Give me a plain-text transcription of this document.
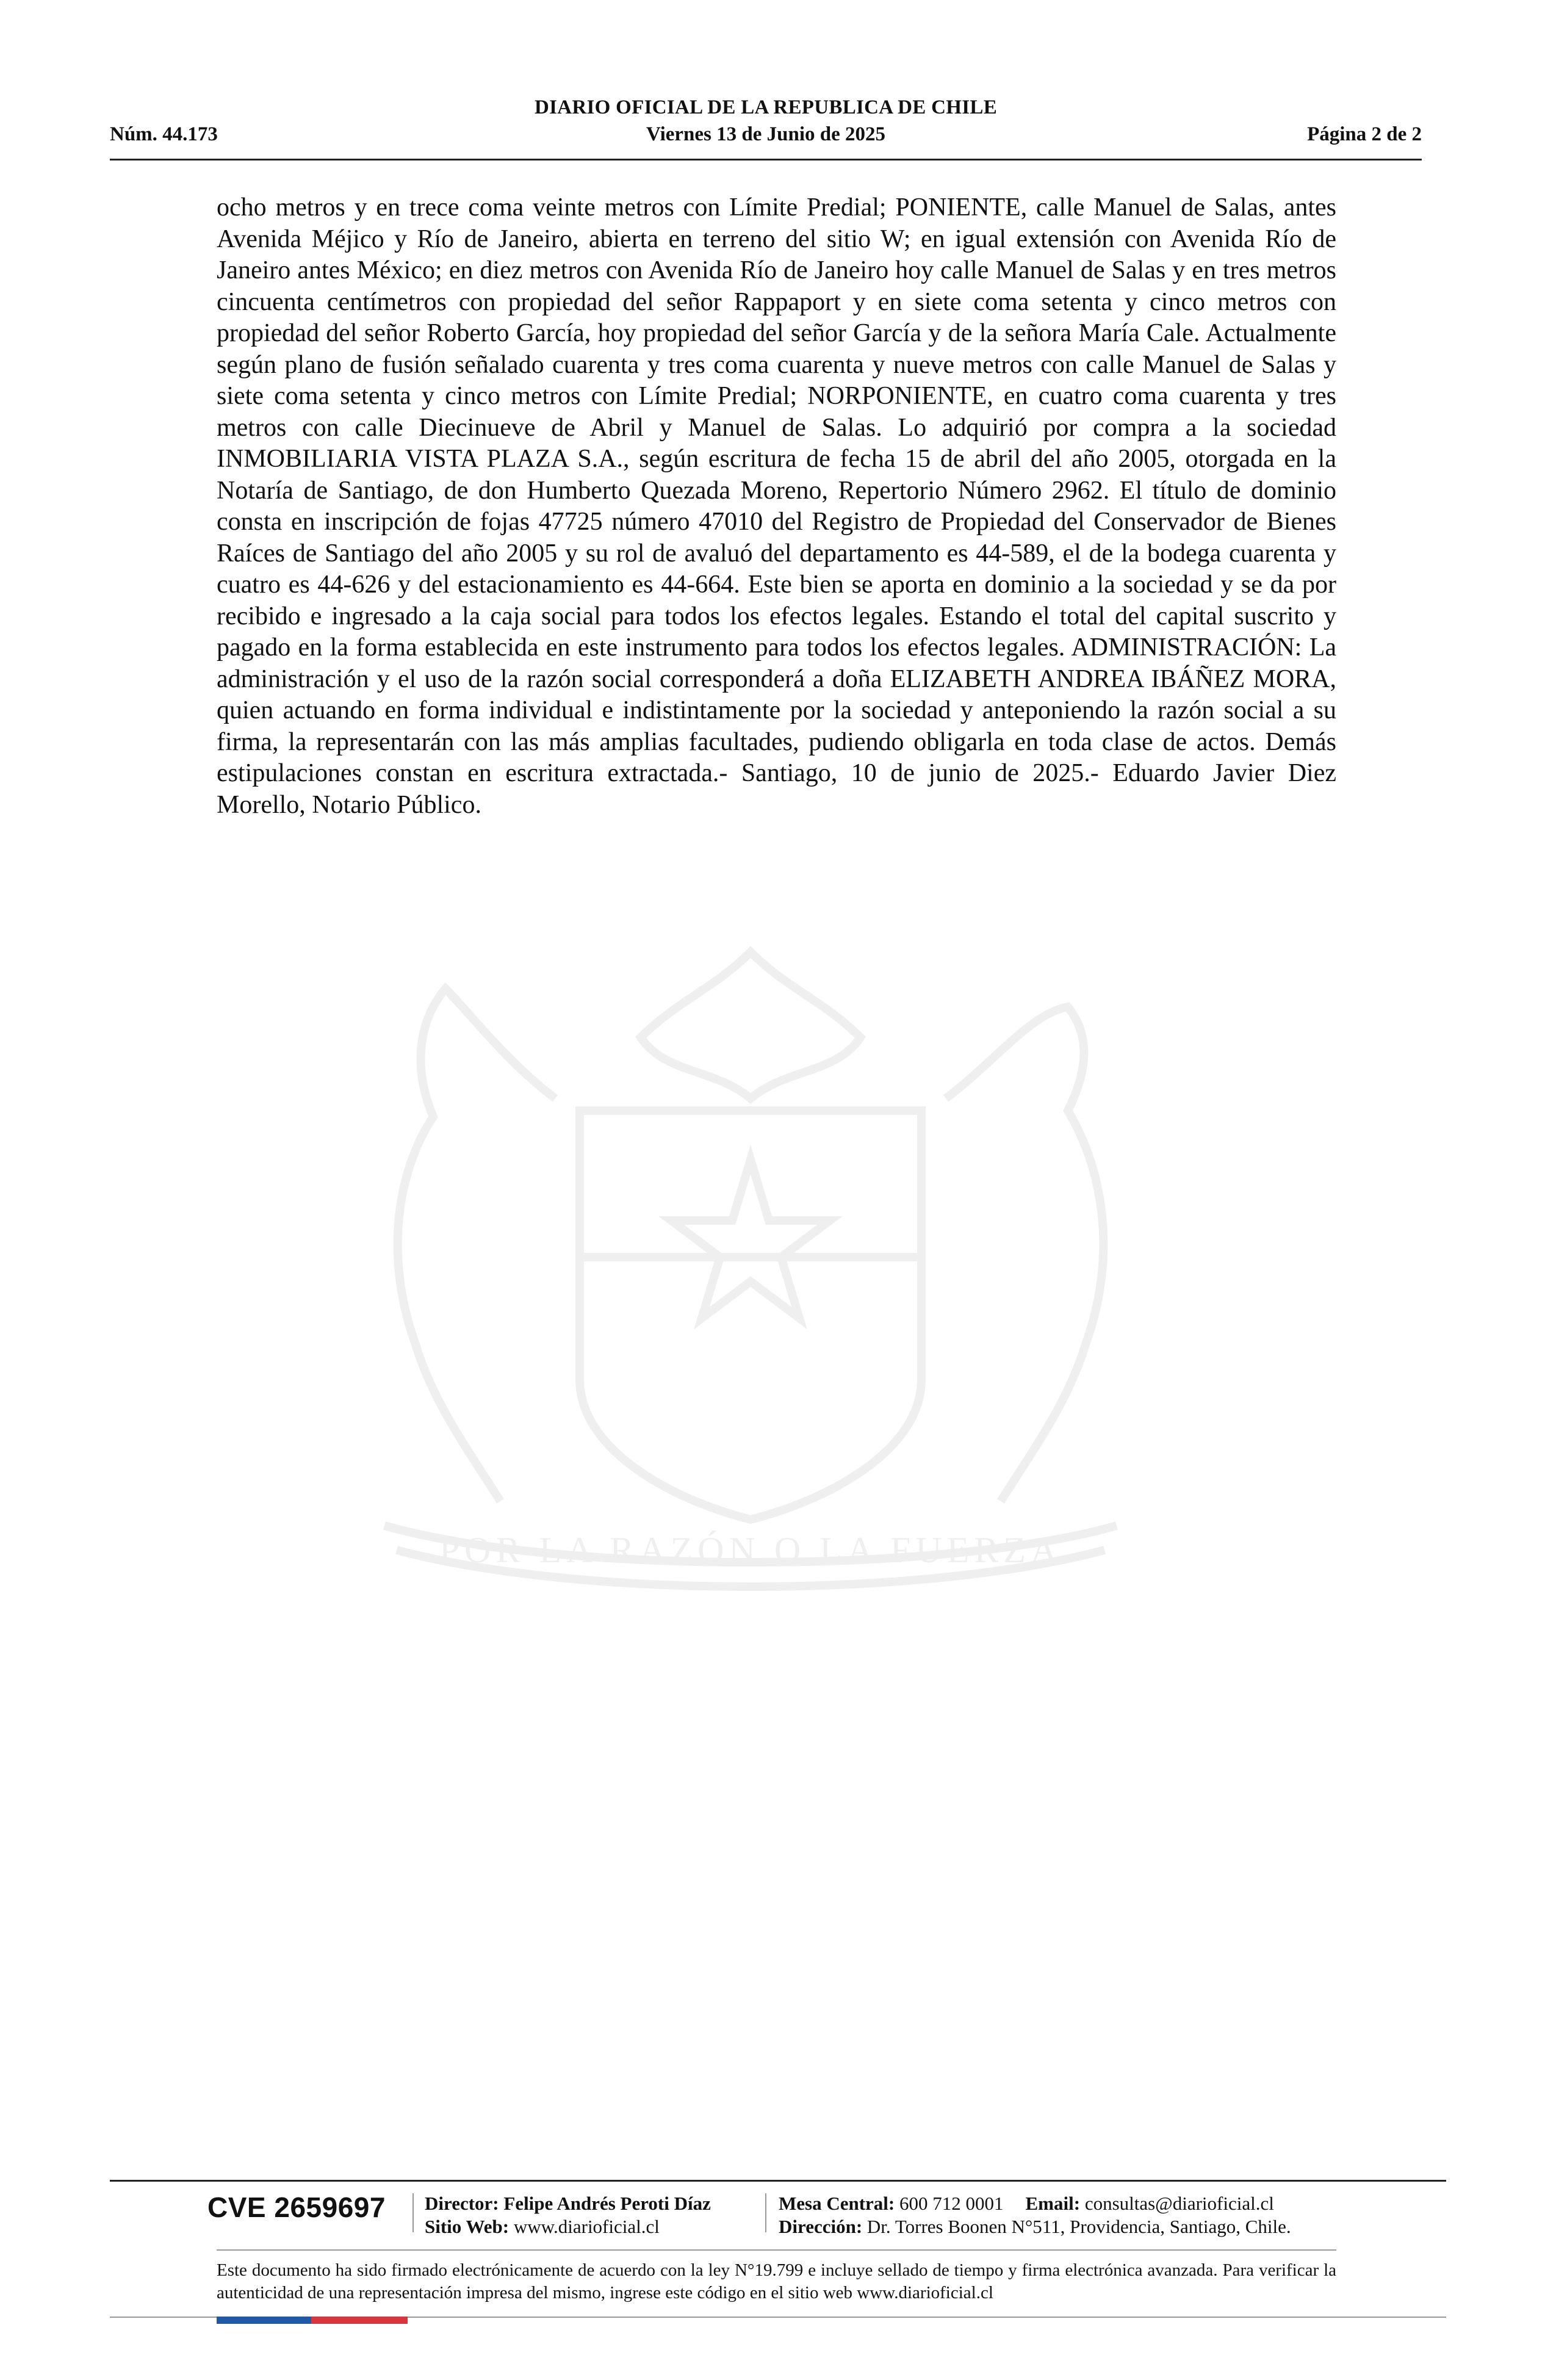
DIARIO OFICIAL DE LA REPUBLICA DE CHILE
Núm. 44.173	Viernes 13 de Junio de 2025	Página 2 de 2
POR LA RAZÓN O LA FUERZA
ocho metros y en trece coma veinte metros con Límite Predial; PONIENTE, calle Manuel de Salas, antes Avenida Méjico y Río de Janeiro, abierta en terreno del sitio W; en igual extensión con Avenida Río de Janeiro antes México; en diez metros con Avenida Río de Janeiro hoy calle Manuel de Salas y en tres metros cincuenta centímetros con propiedad del señor Rappaport y en siete coma setenta y cinco metros con propiedad del señor Roberto García, hoy propiedad del señor García y de la señora María Cale. Actualmente según plano de fusión señalado cuarenta y tres coma cuarenta y nueve metros con calle Manuel de Salas y siete coma setenta y cinco metros con Límite Predial; NORPONIENTE, en cuatro coma cuarenta y tres metros con calle Diecinueve de Abril y Manuel de Salas. Lo adquirió por compra a la sociedad INMOBILIARIA VISTA PLAZA S.A., según escritura de fecha 15 de abril del año 2005, otorgada en la Notaría de Santiago, de don Humberto Quezada Moreno, Repertorio Número 2962. El título de dominio consta en inscripción de fojas 47725 número 47010 del Registro de Propiedad del Conservador de Bienes Raíces de Santiago del año 2005 y su rol de avaluó del departamento es 44-589, el de la bodega cuarenta y cuatro es 44-626 y del estacionamiento es 44-664. Este bien se aporta en dominio a la sociedad y se da por recibido e ingresado a la caja social para todos los efectos legales. Estando el total del capital suscrito y pagado en la forma establecida en este instrumento para todos los efectos legales. ADMINISTRACIÓN: La administración y el uso de la razón social corresponderá a doña ELIZABETH ANDREA IBÁÑEZ MORA, quien actuando en forma individual e indistintamente por la sociedad y anteponiendo la razón social a su firma, la representarán con las más amplias facultades, pudiendo obligarla en toda clase de actos. Demás estipulaciones constan en escritura extractada.- Santiago, 10 de junio de 2025.- Eduardo Javier Diez Morello, Notario Público.
CVE 2659697 Director: Felipe Andrés Peroti Díaz
Sitio Web: www.diarioficial.cl
Mesa Central: 600 712 0001 Email: consultas@diarioficial.cl
Dirección: Dr. Torres Boonen N°511, Providencia, Santiago, Chile.
Este documento ha sido firmado electrónicamente de acuerdo con la ley N°19.799 e incluye sellado de tiempo y firma electrónica avanzada. Para verificar la autenticidad de una representación impresa del mismo, ingrese este código en el sitio web www.diarioficial.cl
